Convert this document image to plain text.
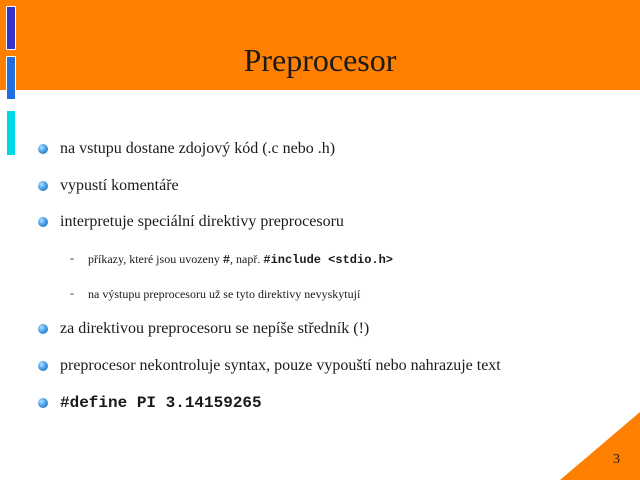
Preprocesor
na vstupu dostane zdojový kód (.c nebo .h)
vypustí komentáře
interpretuje speciální direktivy preprocesoru
- příkazy, které jsou uvozeny #, např. #include <stdio.h>
- na výstupu preprocesoru už se tyto direktivy nevyskytují
za direktivou preprocesoru se nepíše středník (!)
preprocesor nekontroluje syntax, pouze vypouští nebo nahrazuje text
#define PI 3.14159265
3
